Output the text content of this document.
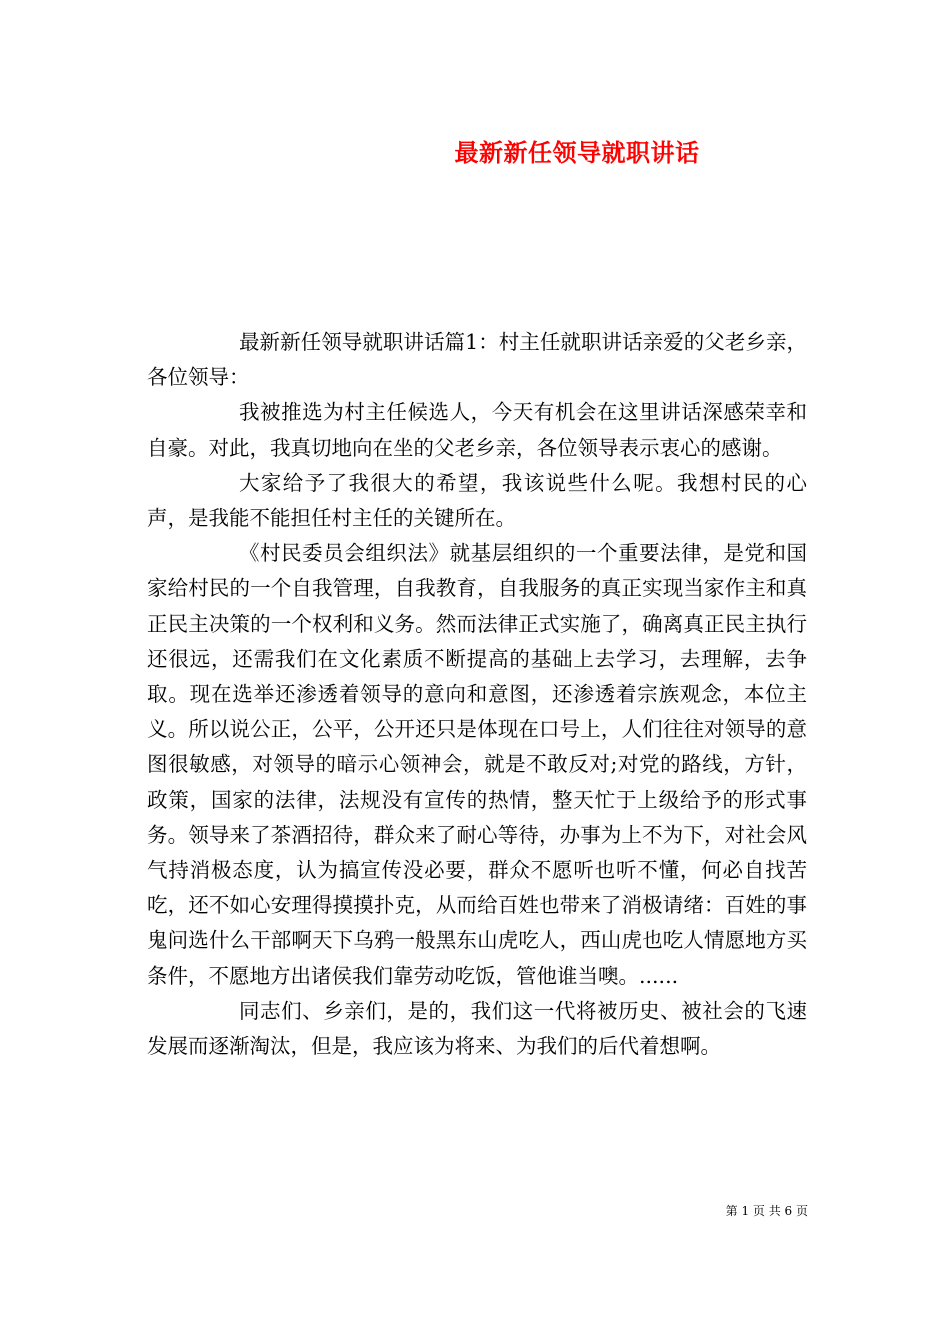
最新新任领导就职讲话

最新新任领导就职讲话篇1：村主任就职讲话亲爱的父老乡亲，各位领导：

我被推选为村主任候选人，今天有机会在这里讲话深感荣幸和自豪。对此，我真切地向在坐的父老乡亲，各位领导表示衷心的感谢。

大家给予了我很大的希望，我该说些什么呢。我想村民的心声，是我能不能担任村主任的关键所在。

《村民委员会组织法》就基层组织的一个重要法律，是党和国家给村民的一个自我管理，自我教育，自我服务的真正实现当家作主和真正民主决策的一个权利和义务。然而法律正式实施了，确离真正民主执行还很远，还需我们在文化素质不断提高的基础上去学习，去理解，去争取。现在选举还渗透着领导的意向和意图，还渗透着宗族观念，本位主义。所以说公正，公平，公开还只是体现在口号上，人们往往对领导的意图很敏感，对领导的暗示心领神会，就是不敢反对;对党的路线，方针，政策，国家的法律，法规没有宣传的热情，整天忙于上级给予的形式事务。领导来了茶酒招待，群众来了耐心等待，办事为上不为下，对社会风气持消极态度，认为搞宣传没必要，群众不愿听也听不懂，何必自找苦吃，还不如心安理得摸摸扑克，从而给百姓也带来了消极请绪：百姓的事鬼问选什么干部啊天下乌鸦一般黑东山虎吃人，西山虎也吃人情愿地方买条件，不愿地方出诸侯我们靠劳动吃饭，管他谁当噢。......

同志们、乡亲们，是的，我们这一代将被历史、被社会的飞速发展而逐渐淘汰，但是，我应该为将来、为我们的后代着想啊。

第 1 页 共 6 页
